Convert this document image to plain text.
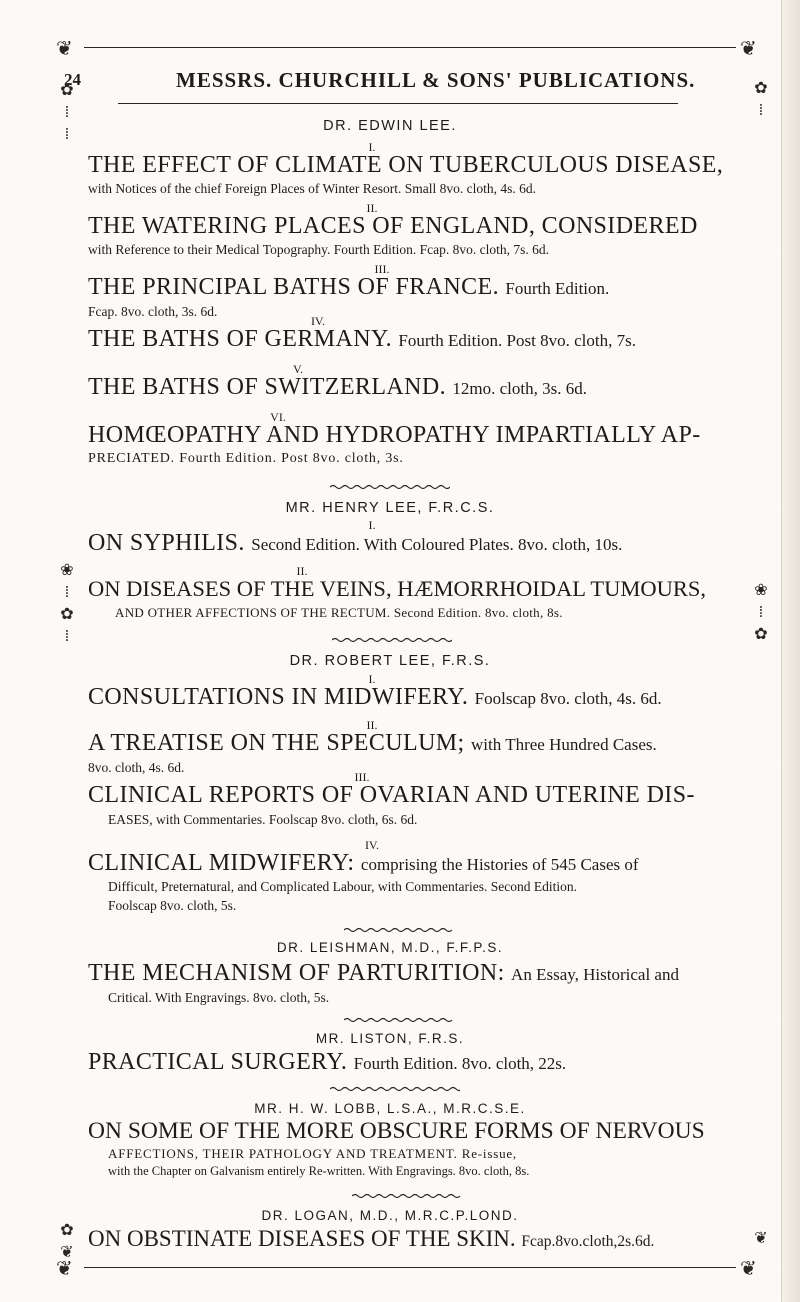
❦	❦
24	MESSRS. CHURCHILL & SONS' PUBLICATIONS.
✿
⁞
⁞
❀
⁞
✿
⁞
✿
❦
✿
⁞
❀
⁞
✿
❦
DR. EDWIN LEE.
I.
THE EFFECT OF CLIMATE ON TUBERCULOUS DISEASE,
with Notices of the chief Foreign Places of Winter Resort. Small 8vo. cloth, 4s. 6d.
II.
THE WATERING PLACES OF ENGLAND, CONSIDERED
with Reference to their Medical Topography. Fourth Edition. Fcap. 8vo. cloth, 7s. 6d.
III.
THE PRINCIPAL BATHS OF FRANCE. Fourth Edition.
Fcap. 8vo. cloth, 3s. 6d.
IV.
THE BATHS OF GERMANY. Fourth Edition. Post 8vo. cloth, 7s.
V.
THE BATHS OF SWITZERLAND. 12mo. cloth, 3s. 6d.
VI.
HOMŒOPATHY AND HYDROPATHY IMPARTIALLY AP-
PRECIATED. Fourth Edition. Post 8vo. cloth, 3s.
MR. HENRY LEE, F.R.C.S.
I.
ON SYPHILIS. Second Edition. With Coloured Plates. 8vo. cloth, 10s.
II.
ON DISEASES OF THE VEINS, HÆMORRHOIDAL TUMOURS,
AND OTHER AFFECTIONS OF THE RECTUM. Second Edition. 8vo. cloth, 8s.
DR. ROBERT LEE, F.R.S.
I.
CONSULTATIONS IN MIDWIFERY. Foolscap 8vo. cloth, 4s. 6d.
II.
A TREATISE ON THE SPECULUM; with Three Hundred Cases.
8vo. cloth, 4s. 6d.
III.
CLINICAL REPORTS OF OVARIAN AND UTERINE DIS-
EASES, with Commentaries. Foolscap 8vo. cloth, 6s. 6d.
IV.
CLINICAL MIDWIFERY: comprising the Histories of 545 Cases of
Difficult, Preternatural, and Complicated Labour, with Commentaries. Second Edition.
Foolscap 8vo. cloth, 5s.
DR. LEISHMAN, M.D., F.F.P.S.
THE MECHANISM OF PARTURITION: An Essay, Historical and
Critical. With Engravings. 8vo. cloth, 5s.
MR. LISTON, F.R.S.
PRACTICAL SURGERY. Fourth Edition. 8vo. cloth, 22s.
MR. H. W. LOBB, L.S.A., M.R.C.S.E.
ON SOME OF THE MORE OBSCURE FORMS OF NERVOUS
AFFECTIONS, THEIR PATHOLOGY AND TREATMENT. Re-issue,
with the Chapter on Galvanism entirely Re-written. With Engravings. 8vo. cloth, 8s.
DR. LOGAN, M.D., M.R.C.P.LOND.
ON OBSTINATE DISEASES OF THE SKIN. Fcap.8vo.cloth,2s.6d.
❦	❦
